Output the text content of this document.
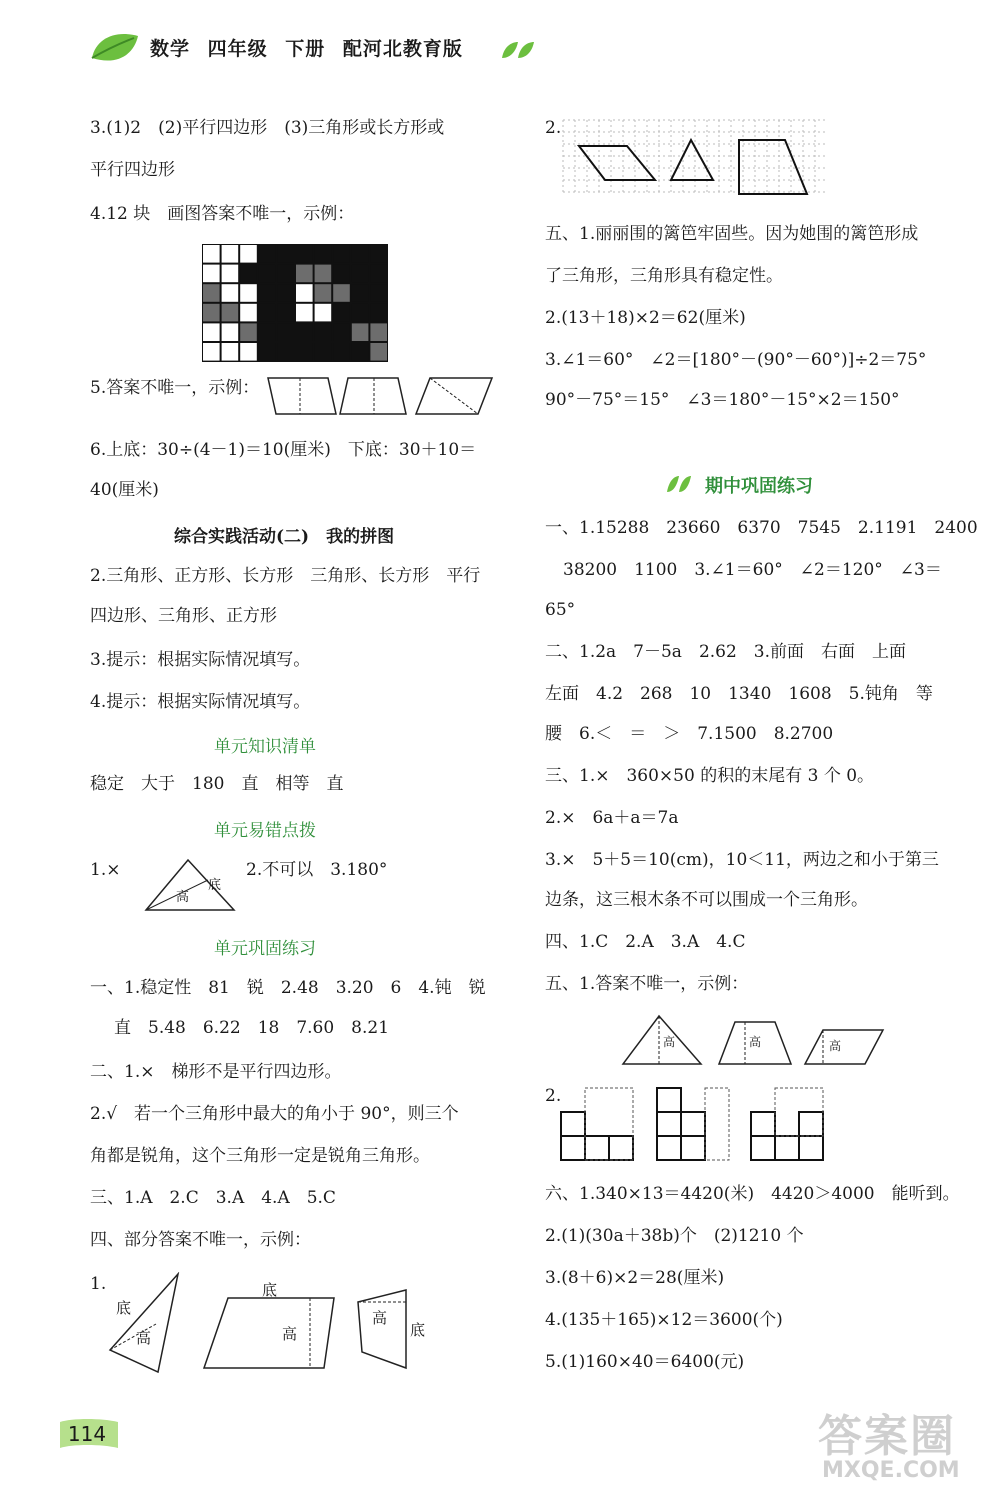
数学 四年级 下册 配河北教育版
3.(1)2　(2)平行四边形　(3)三角形或长方形或
平行四边形
4.12 块　画图答案不唯一，示例：
5.答案不唯一，示例：
6.上底：30÷(4－1)＝10(厘米)　下底：30＋10＝
40(厘米)
综合实践活动(二)　我的拼图
2.三角形、正方形、长方形　三角形、长方形　平行
四边形、三角形、正方形
3.提示：根据实际情况填写。
4.提示：根据实际情况填写。
单元知识清单
稳定　大于　180　直　相等　直
单元易错点拨
1.×
底
高
2.不可以　3.180°
单元巩固练习
一、1.稳定性　81　锐　2.48　3.20　6　4.钝　锐
直　5.48　6.22　18　7.60　8.21
二、1.×　梯形不是平行四边形。
2.√　若一个三角形中最大的角小于 90°，则三个
角都是锐角，这个三角形一定是锐角三角形。
三、1.A　2.C　3.A　4.A　5.C
四、部分答案不唯一，示例：
1.
底
高
底
高
高
底
2.
五、1.丽丽围的篱笆牢固些。因为她围的篱笆形成
了三角形，三角形具有稳定性。
2.(13＋18)×2＝62(厘米)
3.∠1＝60°　∠2＝[180°－(90°－60°)]÷2＝75°
90°－75°＝15°　∠3＝180°－15°×2＝150°
期中巩固练习
一、1.15288　23660　6370　7545　2.1191　2400
38200　1100　3.∠1＝60°　∠2＝120°　∠3＝
65°
二、1.2a　7－5a　2.62　3.前面　右面　上面
左面　4.2　268　10　1340　1608　5.钝角　等
腰　6.＜　＝　＞　7.1500　8.2700
三、1.×　360×50 的积的末尾有 3 个 0。
2.×　6a＋a＝7a
3.×　5＋5＝10(cm)，10＜11，两边之和小于第三
边条，这三根木条不可以围成一个三角形。
四、1.C　2.A　3.A　4.C
五、1.答案不唯一，示例：
高	高	高
2.
六、1.340×13＝4420(米)　4420＞4000　能听到。
2.(1)(30a＋38b)个　(2)1210 个
3.(8＋6)×2＝28(厘米)
4.(135＋165)×12＝3600(个)
5.(1)160×40＝6400(元)
114	答案圈
MXQE.COM
